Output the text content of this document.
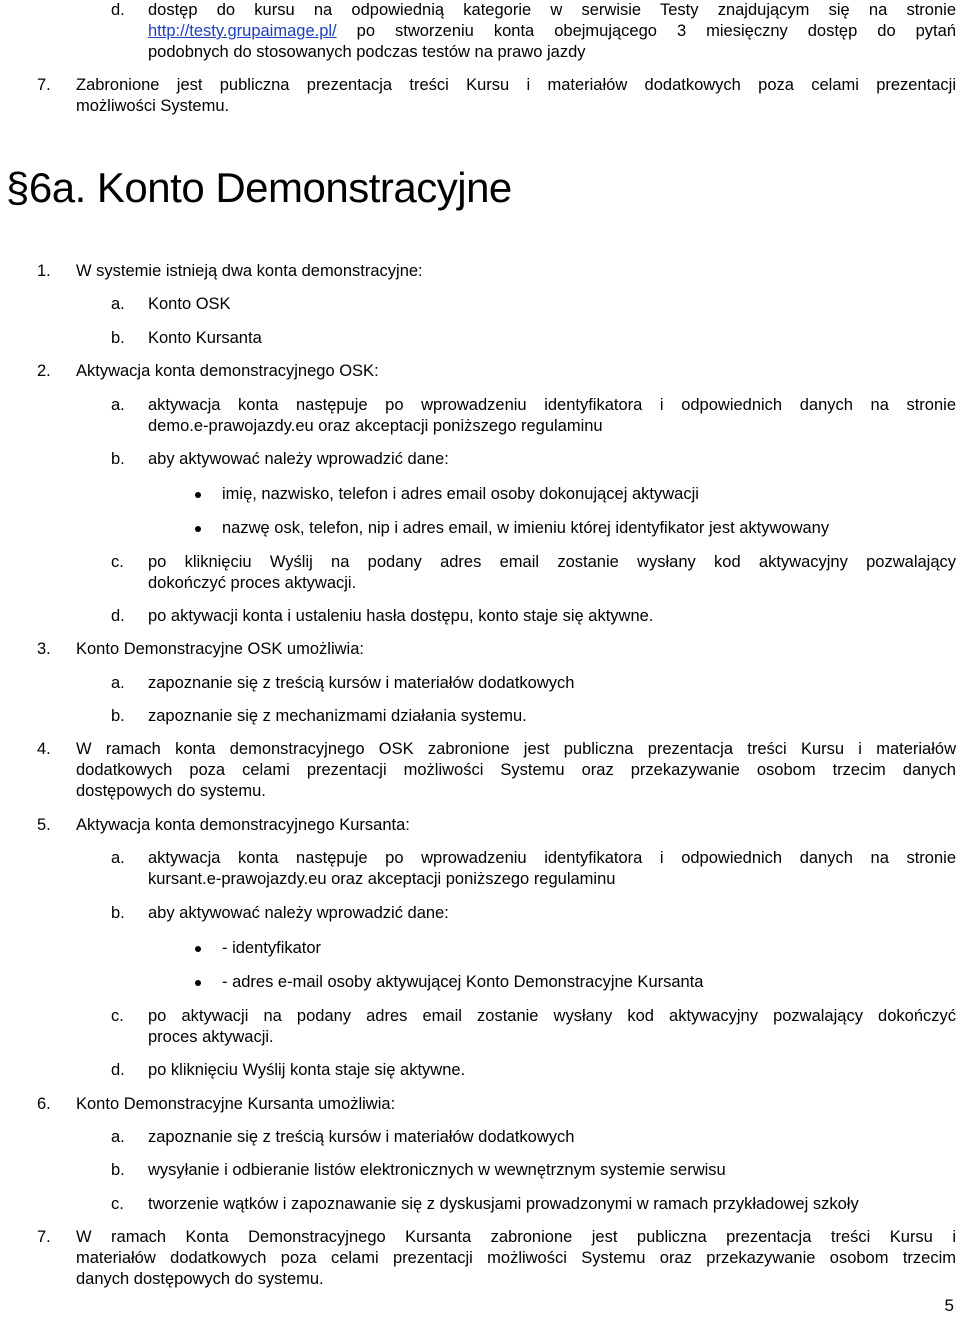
d. dostęp do kursu na odpowiednią kategorie w serwisie Testy znajdującym się na stronie
http://testy.grupaimage.pl/ po stworzeniu konta obejmującego 3 miesięczny dostęp do pytań
podobnych do stosowanych podczas testów na prawo jazdy
7. Zabronione jest publiczna prezentacja treści Kursu i materiałów dodatkowych poza celami prezentacji
możliwości Systemu.
§6a. Konto Demonstracyjne
1. W systemie istnieją dwa konta demonstracyjne:
a. Konto OSK
b. Konto Kursanta
2. Aktywacja konta demonstracyjnego OSK:
a. aktywacja konta następuje po wprowadzeniu identyfikatora i odpowiednich danych na stronie
demo.e-prawojazdy.eu oraz akceptacji poniższego regulaminu
b. aby aktywować należy wprowadzić dane:
imię, nazwisko, telefon i adres email osoby dokonującej aktywacji
nazwę osk, telefon, nip i adres email, w imieniu której identyfikator jest aktywowany
c. po kliknięciu Wyślij na podany adres email zostanie wysłany kod aktywacyjny pozwalający
dokończyć proces aktywacji.
d. po aktywacji konta i ustaleniu hasła dostępu, konto staje się aktywne.
3. Konto Demonstracyjne OSK umożliwia:
a. zapoznanie się z treścią kursów i materiałów dodatkowych
b. zapoznanie się z mechanizmami działania systemu.
4. W ramach konta demonstracyjnego OSK zabronione jest publiczna prezentacja treści Kursu i materiałów
dodatkowych poza celami prezentacji możliwości Systemu oraz przekazywanie osobom trzecim danych
dostępowych do systemu.
5. Aktywacja konta demonstracyjnego Kursanta:
a. aktywacja konta następuje po wprowadzeniu identyfikatora i odpowiednich danych na stronie
kursant.e-prawojazdy.eu oraz akceptacji poniższego regulaminu
b. aby aktywować należy wprowadzić dane:
- identyfikator
- adres e-mail osoby aktywującej Konto Demonstracyjne Kursanta
c. po aktywacji na podany adres email zostanie wysłany kod aktywacyjny pozwalający dokończyć
proces aktywacji.
d. po kliknięciu Wyślij konta staje się aktywne.
6. Konto Demonstracyjne Kursanta umożliwia:
a. zapoznanie się z treścią kursów i materiałów dodatkowych
b. wysyłanie i odbieranie listów elektronicznych w wewnętrznym systemie serwisu
c. tworzenie wątków i zapoznawanie się z dyskusjami prowadzonymi w ramach przykładowej szkoły
7. W ramach Konta Demonstracyjnego Kursanta zabronione jest publiczna prezentacja treści Kursu i
materiałów dodatkowych poza celami prezentacji możliwości Systemu oraz przekazywanie osobom trzecim
danych dostępowych do systemu.
5
